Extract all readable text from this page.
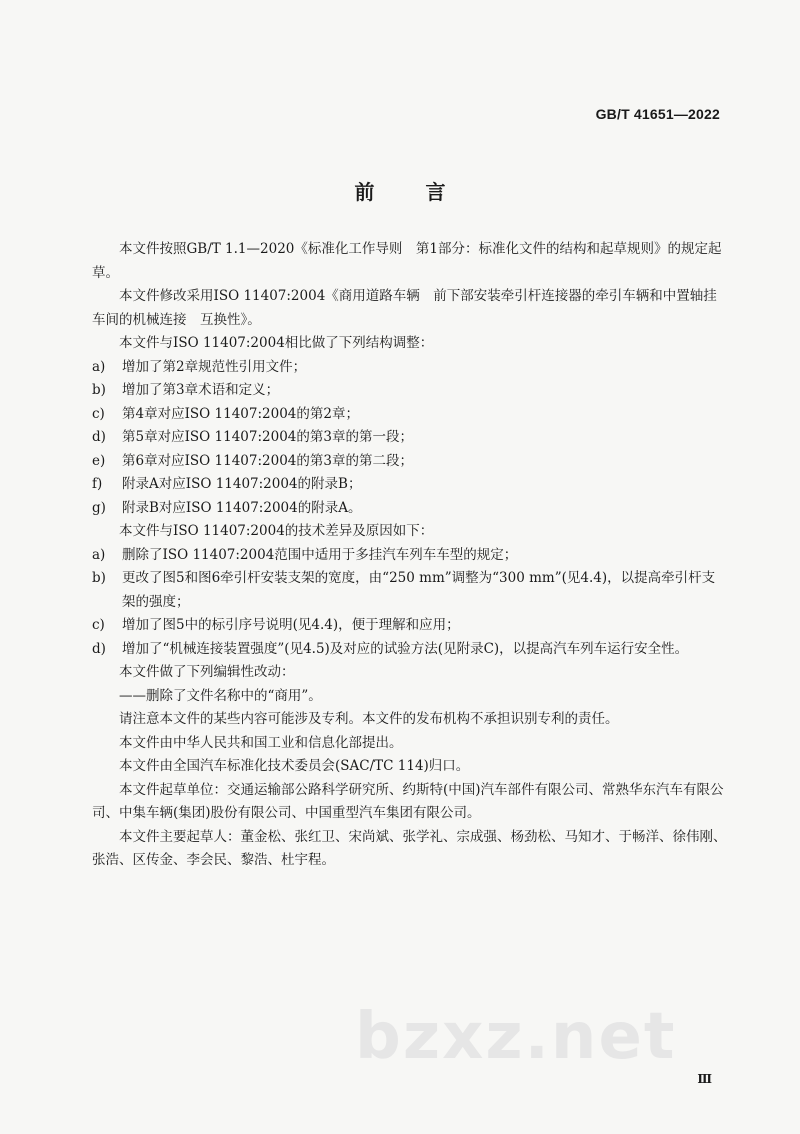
GB/T 41651—2022
前 言

本文件按照GB/T 1.1—2020《标准化工作导则　第1部分：标准化文件的结构和起草规则》的规定起草。

本文件修改采用ISO 11407:2004《商用道路车辆　前下部安装牵引杆连接器的牵引车辆和中置轴挂车间的机械连接　互换性》。

本文件与ISO 11407:2004相比做了下列结构调整：

a)	增加了第2章规范性引用文件；
b)	增加了第3章术语和定义；
c)	第4章对应ISO 11407:2004的第2章；
d)	第5章对应ISO 11407:2004的第3章的第一段；
e)	第6章对应ISO 11407:2004的第3章的第二段；
f)	附录A对应ISO 11407:2004的附录B；
g)	附录B对应ISO 11407:2004的附录A。

本文件与ISO 11407:2004的技术差异及原因如下：

a)	删除了ISO 11407:2004范围中适用于多挂汽车列车车型的规定；
b)	更改了图5和图6牵引杆安装支架的宽度，由“250 mm”调整为“300 mm”(见4.4)，以提高牵引杆支架的强度；
c)	增加了图5中的标引序号说明(见4.4)，便于理解和应用；
d)	增加了“机械连接装置强度”(见4.5)及对应的试验方法(见附录C)，以提高汽车列车运行安全性。

本文件做了下列编辑性改动：

——删除了文件名称中的“商用”。

请注意本文件的某些内容可能涉及专利。本文件的发布机构不承担识别专利的责任。

本文件由中华人民共和国工业和信息化部提出。

本文件由全国汽车标准化技术委员会(SAC/TC 114)归口。

本文件起草单位：交通运输部公路科学研究所、约斯特(中国)汽车部件有限公司、常熟华东汽车有限公司、中集车辆(集团)股份有限公司、中国重型汽车集团有限公司。

本文件主要起草人：董金松、张红卫、宋尚斌、张学礼、宗成强、杨劲松、马知才、于畅洋、徐伟刚、张浩、区传金、李会民、黎浩、杜宇程。

bzxz.net
Ⅲ
